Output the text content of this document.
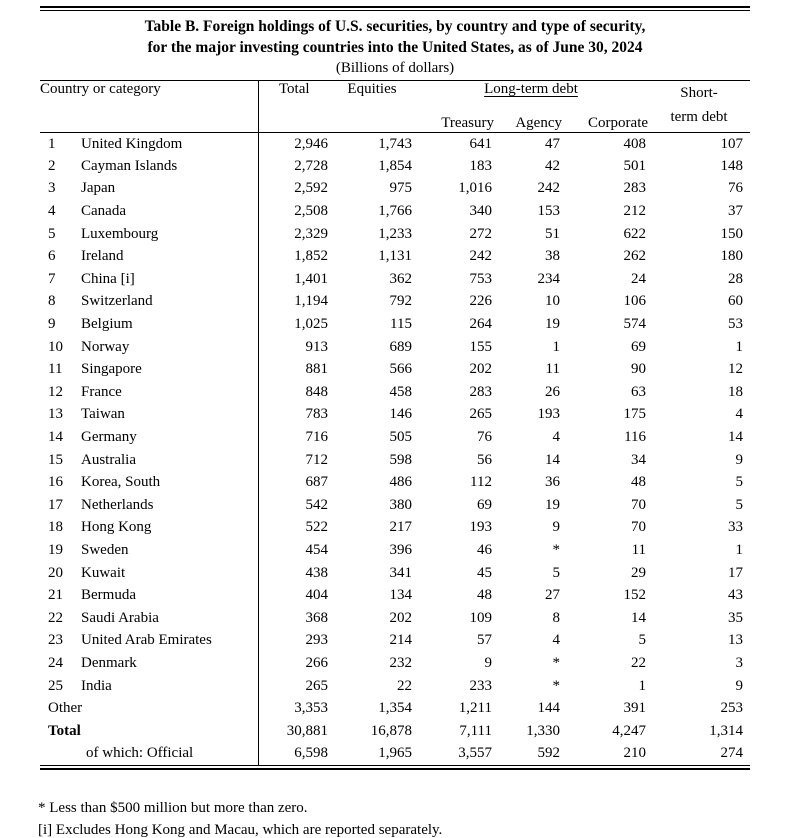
Table B. Foreign holdings of U.S. securities, by country and type of security,
for the major investing countries into the United States, as of June 30, 2024
(Billions of dollars)
Country or category	Total	Equities	Long-term debt			Short-
term debt

			Treasury	Agency	Corporate	
1 United Kingdom	2,946	1,743	641	47	408	107
2 Cayman Islands	2,728	1,854	183	42	501	148
3 Japan	2,592	975	1,016	242	283	76
4 Canada	2,508	1,766	340	153	212	37
5 Luxembourg	2,329	1,233	272	51	622	150
6 Ireland	1,852	1,131	242	38	262	180
7 China [i]	1,401	362	753	234	24	28
8 Switzerland	1,194	792	226	10	106	60
9 Belgium	1,025	115	264	19	574	53
10 Norway	913	689	155	1	69	1
11 Singapore	881	566	202	11	90	12
12 France	848	458	283	26	63	18
13 Taiwan	783	146	265	193	175	4
14 Germany	716	505	76	4	116	14
15 Australia	712	598	56	14	34	9
16 Korea, South	687	486	112	36	48	5
17 Netherlands	542	380	69	19	70	5
18 Hong Kong	522	217	193	9	70	33
19 Sweden	454	396	46	*	11	1
20 Kuwait	438	341	45	5	29	17
21 Bermuda	404	134	48	27	152	43
22 Saudi Arabia	368	202	109	8	14	35
23 United Arab Emirates	293	214	57	4	5	13
24 Denmark	266	232	9	*	22	3
25 India	265	22	233	*	1	9
Other	3,353	1,354	1,211	144	391	253
Total	30,881	16,878	7,111	1,330	4,247	1,314
of which: Official	6,598	1,965	3,557	592	210	274
* Less than $500 million but more than zero.
[i] Excludes Hong Kong and Macau, which are reported separately.
